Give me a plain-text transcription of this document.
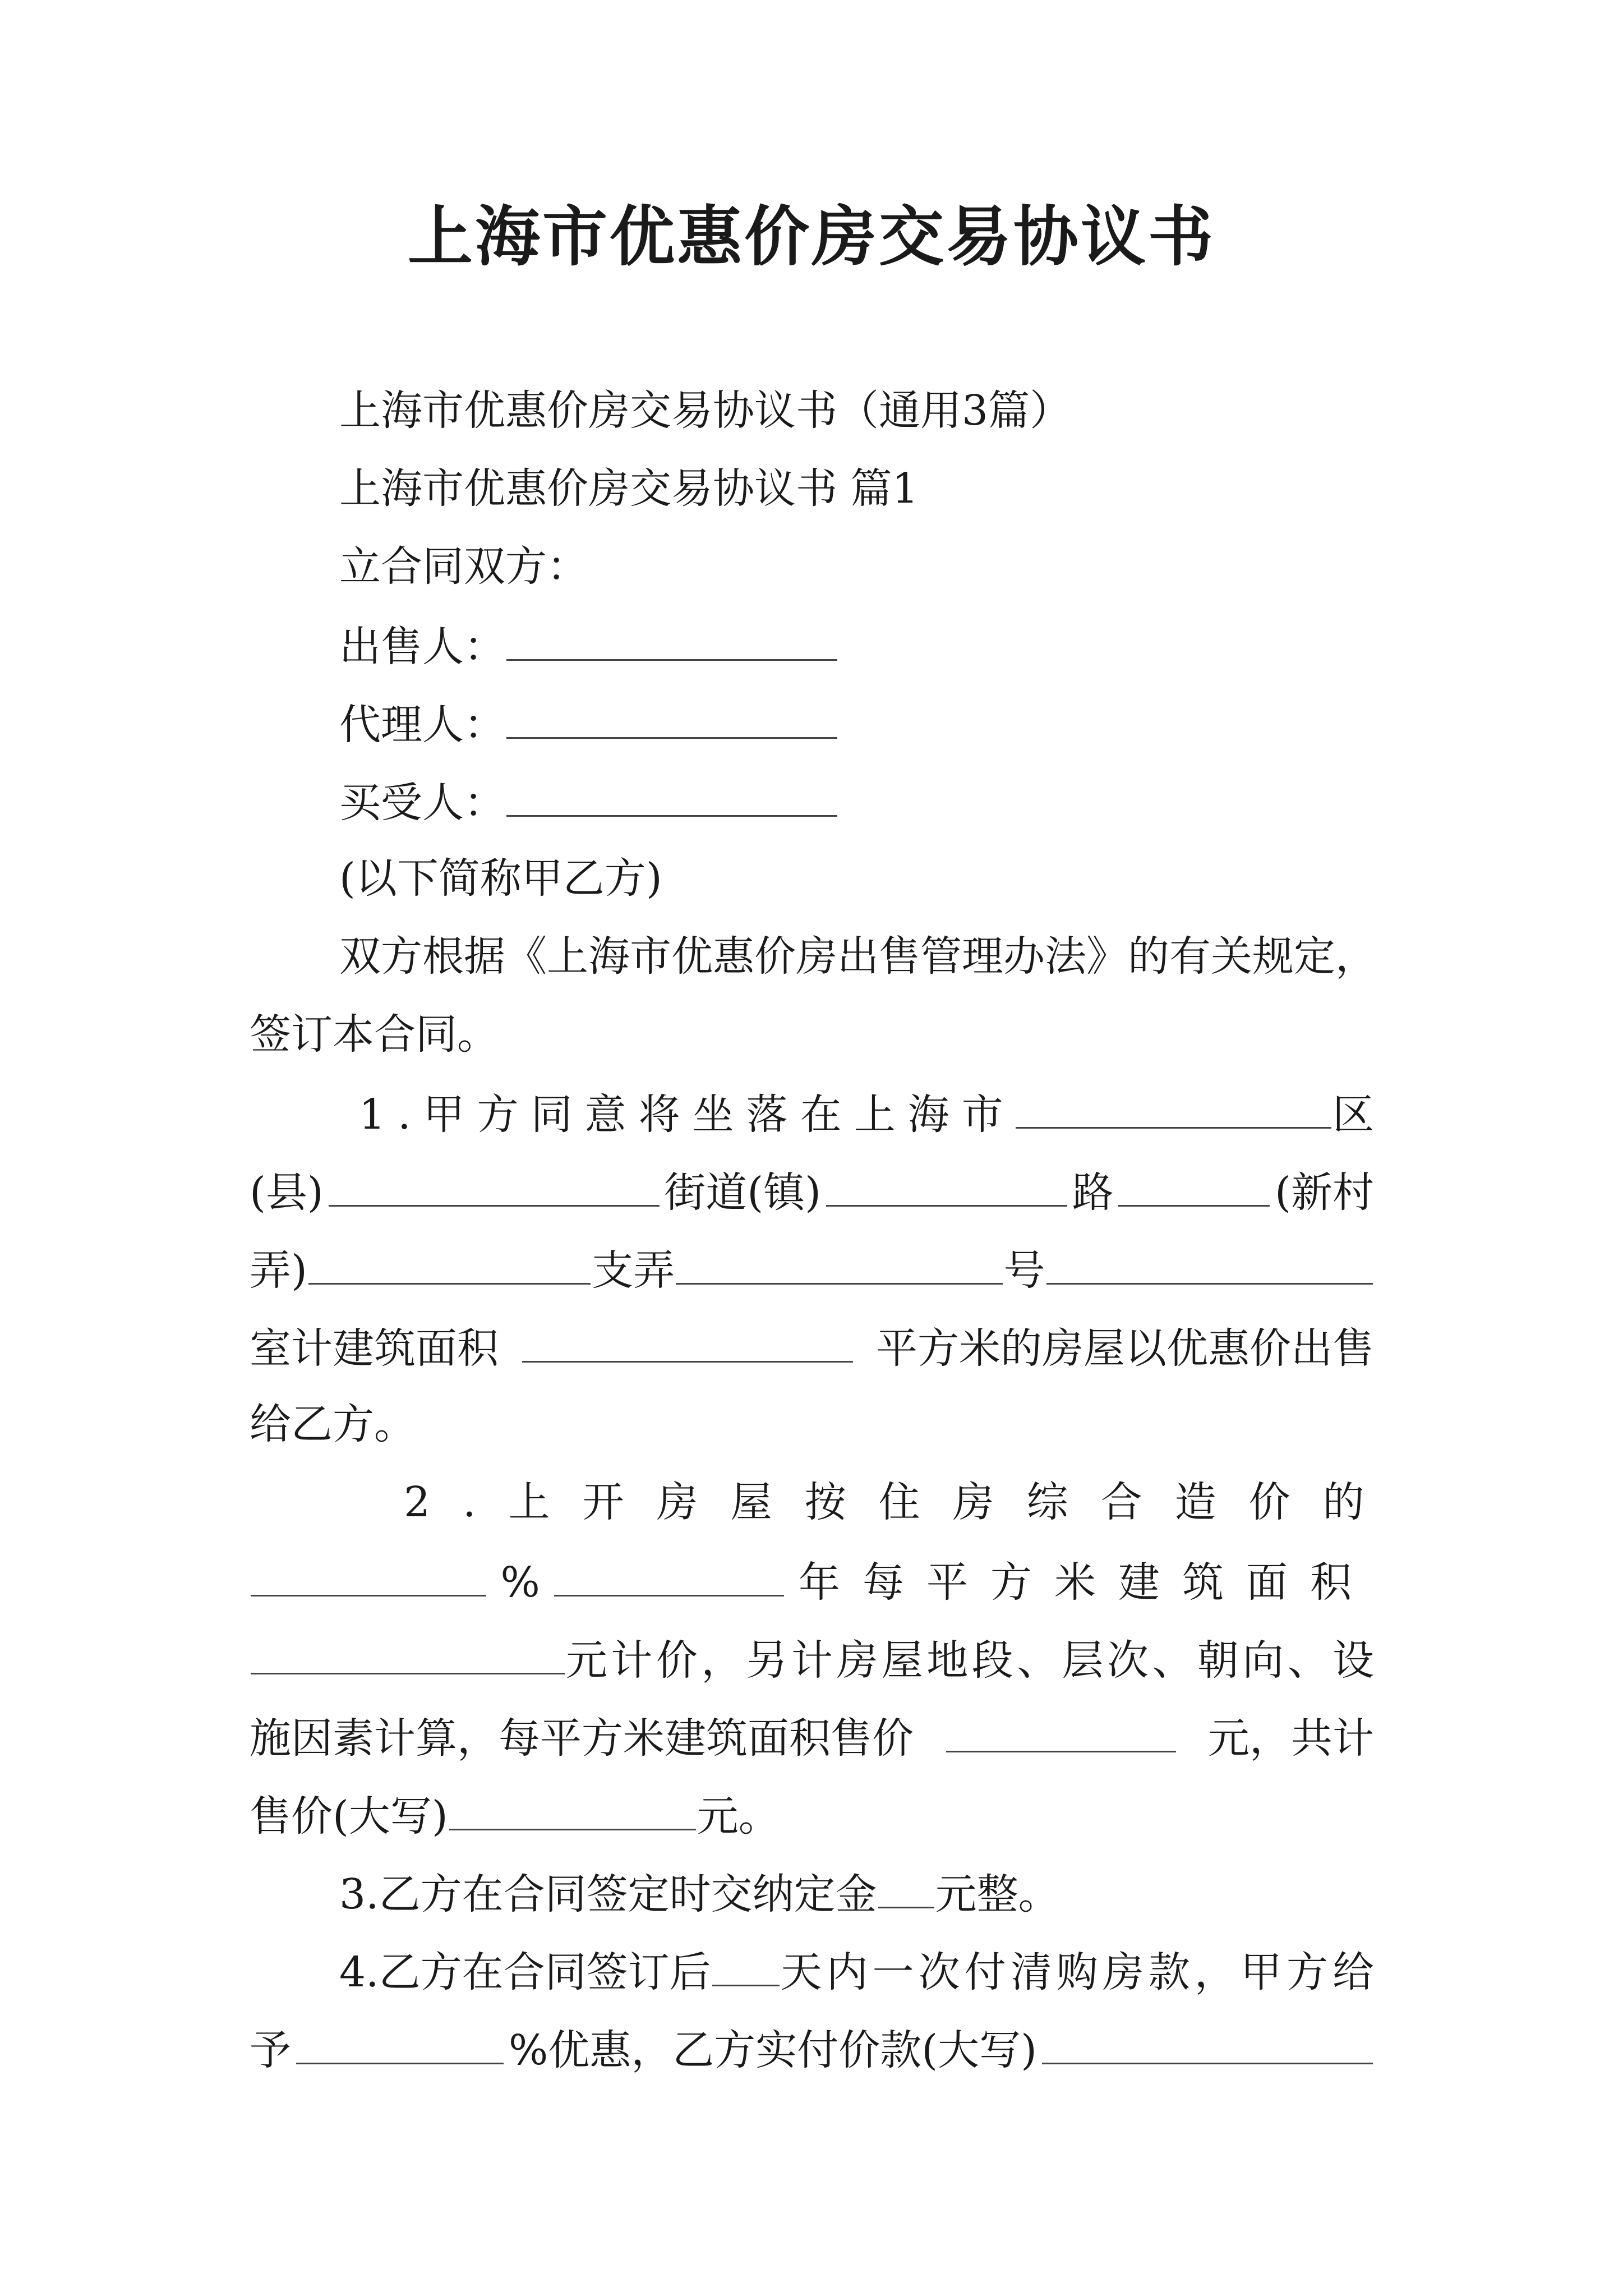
上海市优惠价房交易协议书
上海市优惠价房交易协议书（通用3篇）
上海市优惠价房交易协议书 篇1
立合同双方：
出售人：
代理人：
买受人：
(以下简称甲乙方)
双方根据《上海市优惠价房出售管理办法》的有关规定，
签订本合同。
1.甲方同意将坐落在上海市	区
(县)	街道(镇)	路	(新村
弄)	支弄	号
室计建筑面积	平方米的房屋以优惠价出售
给乙方。
2.上开房屋按住房综合造价的
%	年每平方米建筑面积
元计价，另计房屋地段、层次、朝向、设
施因素计算，每平方米建筑面积售价	元，共计
售价(大写)	元。
3.乙方在合同签定时交纳定金 元整。
4.乙方在合同签订后 天内一次付清购房款，甲方给
予	%优惠，乙方实付价款(大写)
